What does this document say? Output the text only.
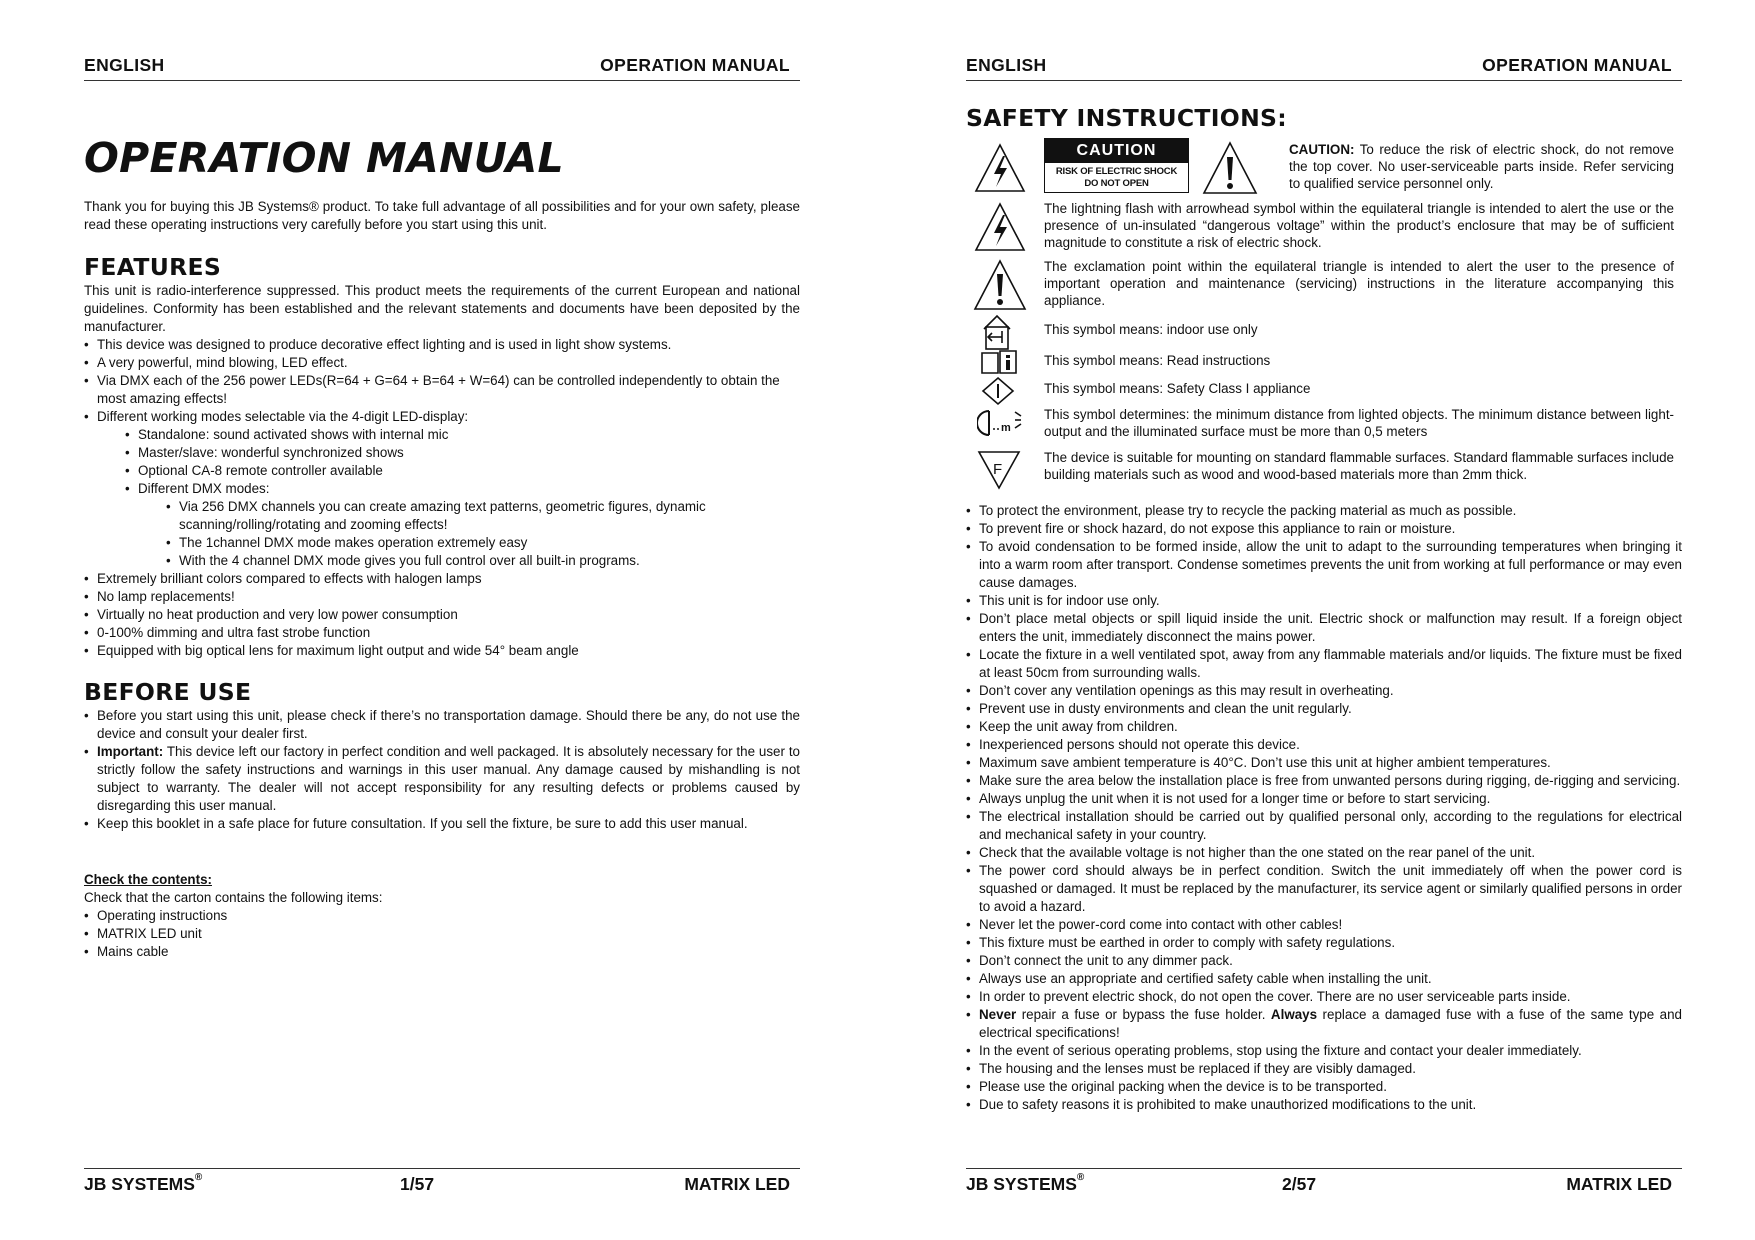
ENGLISH	OPERATION MANUAL
OPERATION MANUAL

Thank you for buying this JB Systems® product. To take full advantage of all possibilities and for your own safety, please read these operating instructions very carefully before you start using this unit.

FEATURES

This unit is radio-interference suppressed. This product meets the requirements of the current European and national guidelines. Conformity has been established and the relevant statements and documents have been deposited by the manufacturer.

• This device was designed to produce decorative effect lighting and is used in light show systems.
• A very powerful, mind blowing, LED effect.
• Via DMX each of the 256 power LEDs(R=64 + G=64 + B=64 + W=64) can be controlled independently to obtain the most amazing effects!
• Different working modes selectable via the 4-digit LED-display:
• Standalone: sound activated shows with internal mic
• Master/slave: wonderful synchronized shows
• Optional CA-8 remote controller available
• Different DMX modes:
• Via 256 DMX channels you can create amazing text patterns, geometric figures, dynamic scanning/rolling/rotating and zooming effects!
• The 1channel DMX mode makes operation extremely easy
• With the 4 channel DMX mode gives you full control over all built-in programs.
• Extremely brilliant colors compared to effects with halogen lamps
• No lamp replacements!
• Virtually no heat production and very low power consumption
• 0-100% dimming and ultra fast strobe function
• Equipped with big optical lens for maximum light output and wide 54° beam angle
BEFORE USE
• Before you start using this unit, please check if there’s no transportation damage. Should there be any, do not use the device and consult your dealer first.
• Important: This device left our factory in perfect condition and well packaged. It is absolutely necessary for the user to strictly follow the safety instructions and warnings in this user manual. Any damage caused by mishandling is not subject to warranty. The dealer will not accept responsibility for any resulting defects or problems caused by disregarding this user manual.
• Keep this booklet in a safe place for future consultation. If you sell the fixture, be sure to add this user manual.
Check the contents:
Check that the carton contains the following items:
• Operating instructions
• MATRIX LED unit
• Mains cable
JB SYSTEMS®	1/57	MATRIX LED
ENGLISH	OPERATION MANUAL
SAFETY INSTRUCTIONS:
CAUTION
RISK OF ELECTRIC SHOCK
DO NOT OPEN
CAUTION: To reduce the risk of electric shock, do not remove the top cover. No user-serviceable parts inside. Refer servicing to qualified service personnel only.

The lightning flash with arrowhead symbol within the equilateral triangle is intended to alert the use or the presence of un-insulated “dangerous voltage” within the product’s enclosure that may be of sufficient magnitude to constitute a risk of electric shock.

The exclamation point within the equilateral triangle is intended to alert the user to the presence of important operation and maintenance (servicing) instructions in the literature accompanying this appliance.

This symbol means: indoor use only

This symbol means: Read instructions

This symbol means: Safety Class I appliance

m

This symbol determines: the minimum distance from lighted objects. The minimum distance between light-output and the illuminated surface must be more than 0,5 meters

F

The device is suitable for mounting on standard flammable surfaces. Standard flammable surfaces include building materials such as wood and wood-based materials more than 2mm thick.

• To protect the environment, please try to recycle the packing material as much as possible.
• To prevent fire or shock hazard, do not expose this appliance to rain or moisture.
• To avoid condensation to be formed inside, allow the unit to adapt to the surrounding temperatures when bringing it into a warm room after transport. Condense sometimes prevents the unit from working at full performance or may even cause damages.
• This unit is for indoor use only.
• Don’t place metal objects or spill liquid inside the unit. Electric shock or malfunction may result. If a foreign object enters the unit, immediately disconnect the mains power.
• Locate the fixture in a well ventilated spot, away from any flammable materials and/or liquids. The fixture must be fixed at least 50cm from surrounding walls.
• Don’t cover any ventilation openings as this may result in overheating.
• Prevent use in dusty environments and clean the unit regularly.
• Keep the unit away from children.
• Inexperienced persons should not operate this device.
• Maximum save ambient temperature is 40°C. Don’t use this unit at higher ambient temperatures.
• Make sure the area below the installation place is free from unwanted persons during rigging, de-rigging and servicing.
• Always unplug the unit when it is not used for a longer time or before to start servicing.
• The electrical installation should be carried out by qualified personal only, according to the regulations for electrical and mechanical safety in your country.
• Check that the available voltage is not higher than the one stated on the rear panel of the unit.
• The power cord should always be in perfect condition. Switch the unit immediately off when the power cord is squashed or damaged. It must be replaced by the manufacturer, its service agent or similarly qualified persons in order to avoid a hazard.
• Never let the power-cord come into contact with other cables!
• This fixture must be earthed in order to comply with safety regulations.
• Don’t connect the unit to any dimmer pack.
• Always use an appropriate and certified safety cable when installing the unit.
• In order to prevent electric shock, do not open the cover. There are no user serviceable parts inside.
• Never repair a fuse or bypass the fuse holder. Always replace a damaged fuse with a fuse of the same type and electrical specifications!
• In the event of serious operating problems, stop using the fixture and contact your dealer immediately.
• The housing and the lenses must be replaced if they are visibly damaged.
• Please use the original packing when the device is to be transported.
• Due to safety reasons it is prohibited to make unauthorized modifications to the unit.
JB SYSTEMS®	2/57	MATRIX LED
